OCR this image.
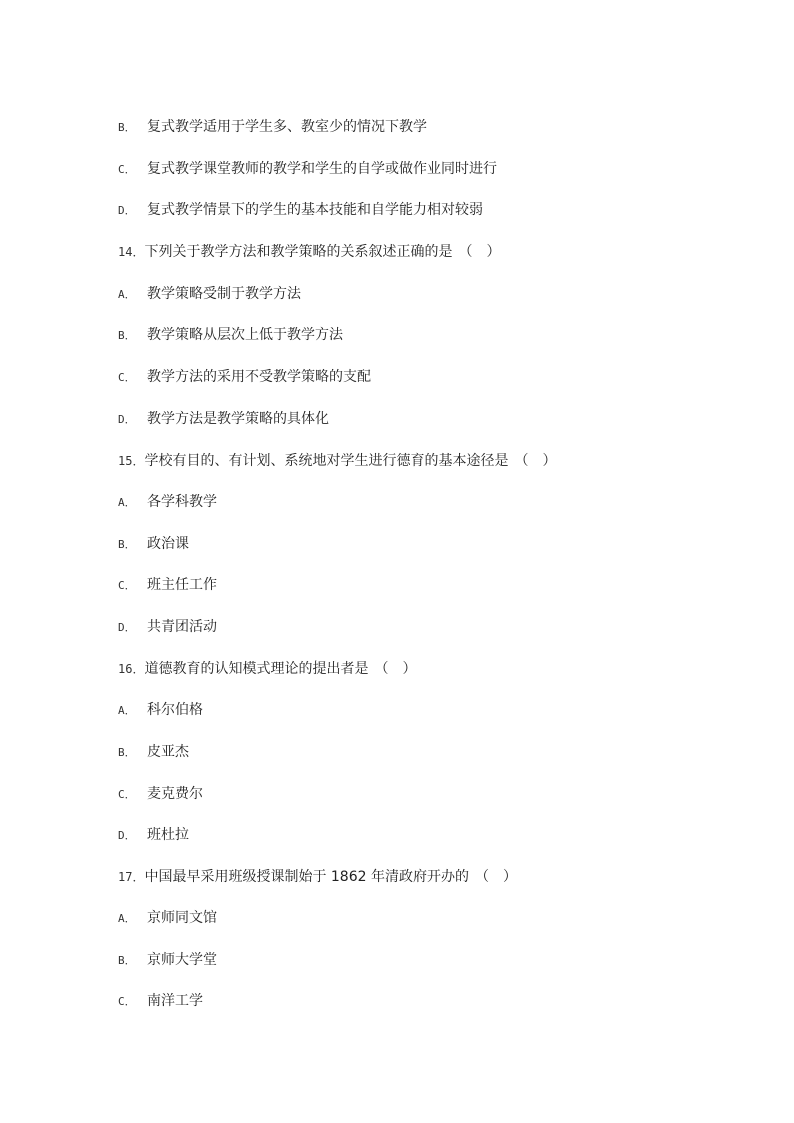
B． 复式教学适用于学生多、教室少的情况下教学
C． 复式教学课堂教师的教学和学生的自学或做作业同时进行
D． 复式教学情景下的学生的基本技能和自学能力相对较弱
14．下列关于教学方法和教学策略的关系叙述正确的是 （　）
A． 教学策略受制于教学方法
B． 教学策略从层次上低于教学方法
C． 教学方法的采用不受教学策略的支配
D． 教学方法是教学策略的具体化
15．学校有目的、有计划、系统地对学生进行德育的基本途径是 （　）
A． 各学科教学
B． 政治课
C． 班主任工作
D． 共青团活动
16．道德教育的认知模式理论的提出者是 （　）
A． 科尔伯格
B． 皮亚杰
C． 麦克费尔
D． 班杜拉
17．中国最早采用班级授课制始于 1862 年清政府开办的 （　）
A． 京师同文馆
B． 京师大学堂
C． 南洋工学
